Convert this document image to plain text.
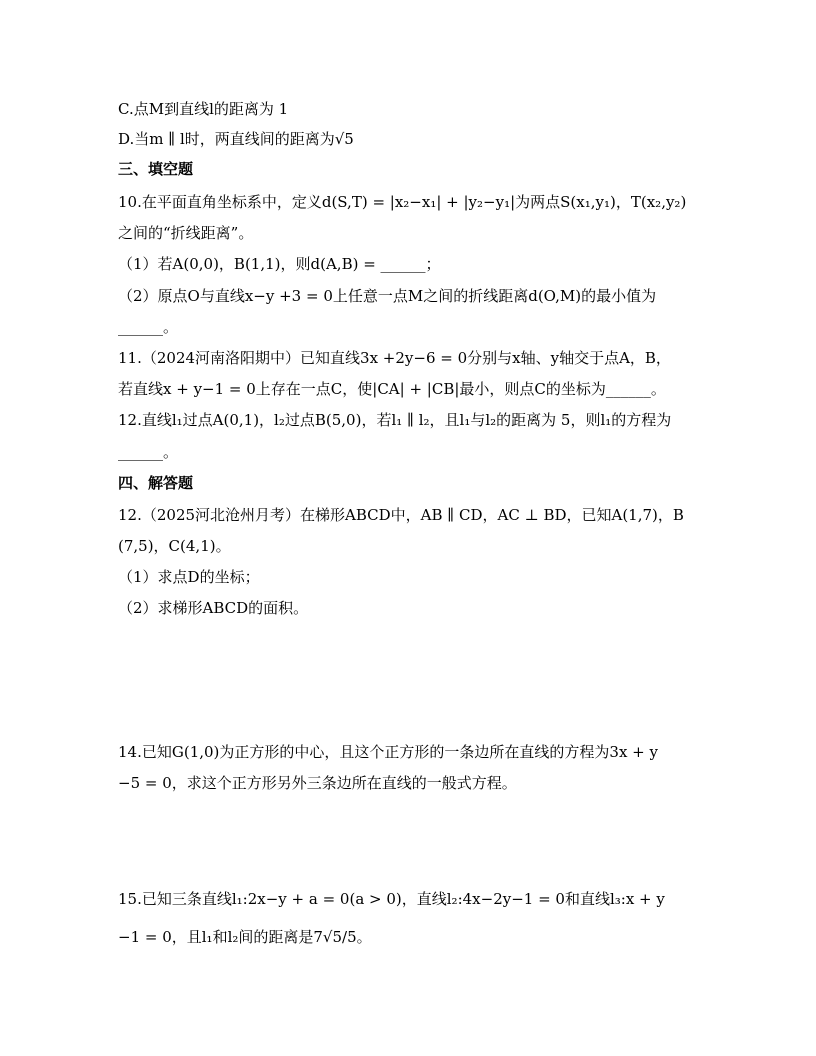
C.点M到直线l的距离为 1
D.当m ∥ l时，两直线间的距离为√5
三、填空题
10.在平面直角坐标系中，定义d(S,T) = |x₂−x₁| + |y₂−y₁|为两点S(x₁,y₁)，T(x₂,y₂)
之间的“折线距离”。
（1）若A(0,0)，B(1,1)，则d(A,B) = ______；
（2）原点O与直线x−y +3 = 0上任意一点M之间的折线距离d(O,M)的最小值为
______。
11.（2024河南洛阳期中）已知直线3x +2y−6 = 0分别与x轴、y轴交于点A，B，
若直线x + y−1 = 0上存在一点C，使|CA| + |CB|最小，则点C的坐标为______。
12.直线l₁过点A(0,1)，l₂过点B(5,0)，若l₁ ∥ l₂，且l₁与l₂的距离为 5，则l₁的方程为
______。
四、解答题
12.（2025河北沧州月考）在梯形ABCD中，AB ∥ CD，AC ⊥ BD，已知A(1,7)，B
(7,5)，C(4,1)。
（1）求点D的坐标；
（2）求梯形ABCD的面积。
14.已知G(1,0)为正方形的中心，且这个正方形的一条边所在直线的方程为3x + y
−5 = 0，求这个正方形另外三条边所在直线的一般式方程。
15.已知三条直线l₁:2x−y + a = 0(a > 0)，直线l₂:4x−2y−1 = 0和直线l₃:x + y
−1 = 0，且l₁和l₂间的距离是7√5/5。
